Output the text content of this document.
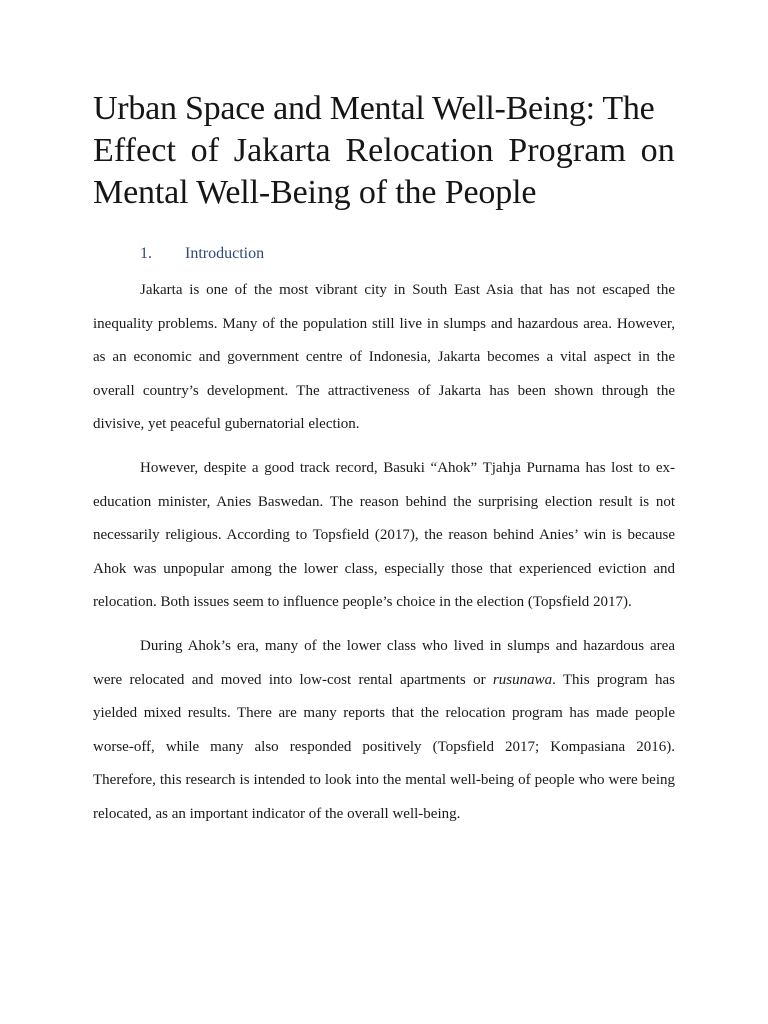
Urban Space and Mental Well-Being: The
Effect of Jakarta Relocation Program on
Mental Well-Being of the People
1. Introduction

Jakarta is one of the most vibrant city in South East Asia that has not escaped the inequality problems. Many of the population still live in slumps and hazardous area. However, as an economic and government centre of Indonesia, Jakarta becomes a vital aspect in the overall country’s development. The attractiveness of Jakarta has been shown through the divisive, yet peaceful gubernatorial election.

However, despite a good track record, Basuki “Ahok” Tjahja Purnama has lost to ex-education minister, Anies Baswedan. The reason behind the surprising election result is not necessarily religious. According to Topsfield (2017), the reason behind Anies’ win is because Ahok was unpopular among the lower class, especially those that experienced eviction and relocation. Both issues seem to influence people’s choice in the election (Topsfield 2017).

During Ahok’s era, many of the lower class who lived in slumps and hazardous area were relocated and moved into low-cost rental apartments or rusunawa. This program has yielded mixed results. There are many reports that the relocation program has made people worse-off, while many also responded positively (Topsfield 2017; Kompasiana 2016). Therefore, this research is intended to look into the mental well-being of people who were being relocated, as an important indicator of the overall well-being.
